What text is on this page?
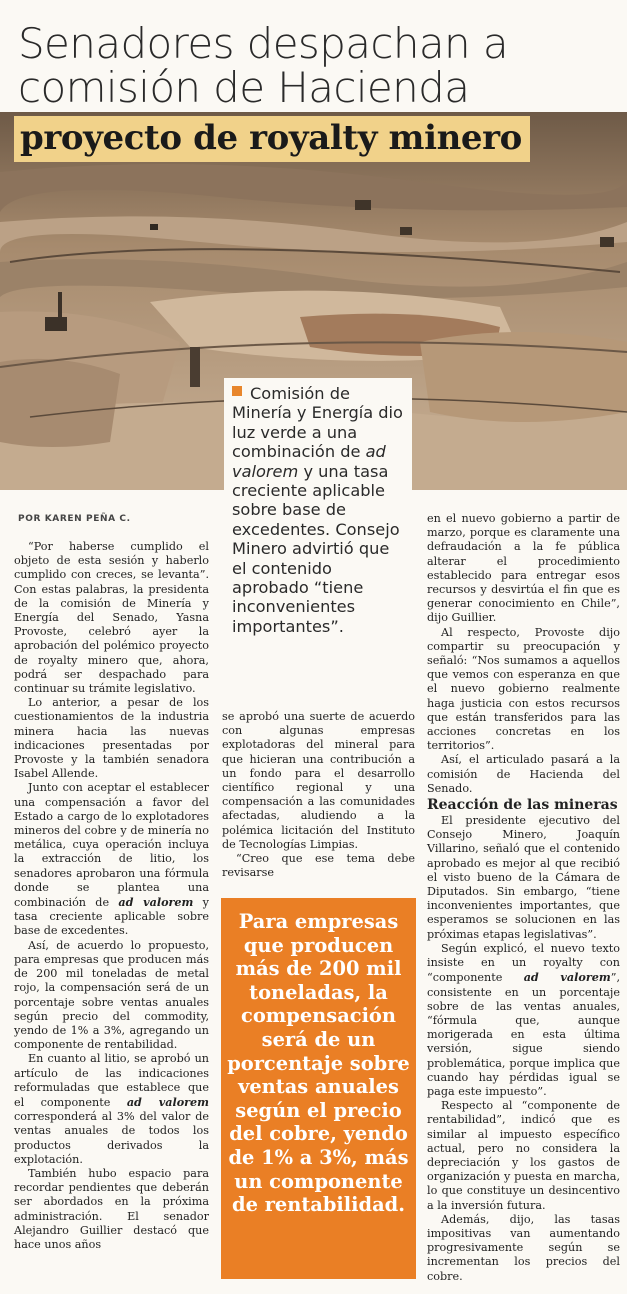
Senadores despachan a
comisión de Hacienda
proyecto de royalty minero

Comisión de Minería y Energía dio luz verde a una combinación de ad valorem y una tasa creciente aplicable sobre base de excedentes. Consejo Minero advirtió que el contenido aprobado “tiene inconvenientes importantes”.

POR KAREN PEÑA C.

“Por haberse cumplido el objeto de esta sesión y haberlo cumplido con creces, se levanta”. Con estas palabras, la presidenta de la comisión de Minería y Energía del Senado, Yasna Provoste, celebró ayer la aprobación del polémico proyecto de royalty minero que, ahora, podrá ser despachado para continuar su trámite legislativo.

Lo anterior, a pesar de los cuestionamientos de la industria minera hacia las nuevas indicaciones presentadas por Provoste y la también senadora Isabel Allende.

Junto con aceptar el establecer una compensación a favor del Estado a cargo de lo explotadores mineros del cobre y de minería no metálica, cuya operación incluya la extracción de litio, los senadores aprobaron una fórmula donde se plantea una combinación de ad valorem y tasa creciente aplicable sobre base de excedentes.

Así, de acuerdo lo propuesto, para empresas que producen más de 200 mil toneladas de metal rojo, la compensación será de un porcentaje sobre ventas anuales según precio del commodity, yendo de 1% a 3%, agregando un componente de rentabilidad.

En cuanto al litio, se aprobó un artículo de las indicaciones reformuladas que establece que el componente ad valorem corresponderá al 3% del valor de ventas anuales de todos los productos derivados la explotación.

También hubo espacio para recordar pendientes que deberán ser abordados en la próxima administración. El senador Alejandro Guillier destacó que hace unos años

se aprobó una suerte de acuerdo con algunas empresas explotadoras del mineral para que hicieran una contribución a un fondo para el desarrollo científico regional y una compensación a las comunidades afectadas, aludiendo a la polémica licitación del Instituto de Tecnologías Limpias.

“Creo que ese tema debe revisarse

Para empresas que producen más de 200 mil toneladas, la compensación será de un porcentaje sobre ventas anuales según el precio del cobre, yendo de 1% a 3%, más un componente de rentabilidad.

en el nuevo gobierno a partir de marzo, porque es claramente una defraudación a la fe pública alterar el procedimiento establecido para entregar esos recursos y desvirtúa el fin que es generar conocimiento en Chile”, dijo Guillier.

Al respecto, Provoste dijo compartir su preocupación y señaló: “Nos sumamos a aquellos que vemos con esperanza en que el nuevo gobierno realmente haga justicia con estos recursos que están transferidos para las acciones concretas en los territorios”.

Así, el articulado pasará a la comisión de Hacienda del Senado.

Reacción de las mineras

El presidente ejecutivo del Consejo Minero, Joaquín Villarino, señaló que el contenido aprobado es mejor al que recibió el visto bueno de la Cámara de Diputados. Sin embargo, “tiene inconvenientes importantes, que esperamos se solucionen en las próximas etapas legislativas”.

Según explicó, el nuevo texto insiste en un royalty con “componente ad valorem”, consistente en un porcentaje sobre de las ventas anuales, “fórmula que, aunque morigerada en esta última versión, sigue siendo problemática, porque implica que cuando hay pérdidas igual se paga este impuesto”.

Respecto al “componente de rentabilidad”, indicó que es similar al impuesto específico actual, pero no considera la depreciación y los gastos de organización y puesta en marcha, lo que constituye un desincentivo a la inversión futura.

Además, dijo, las tasas impositivas van aumentando progresivamente según se incrementan los precios del cobre.
